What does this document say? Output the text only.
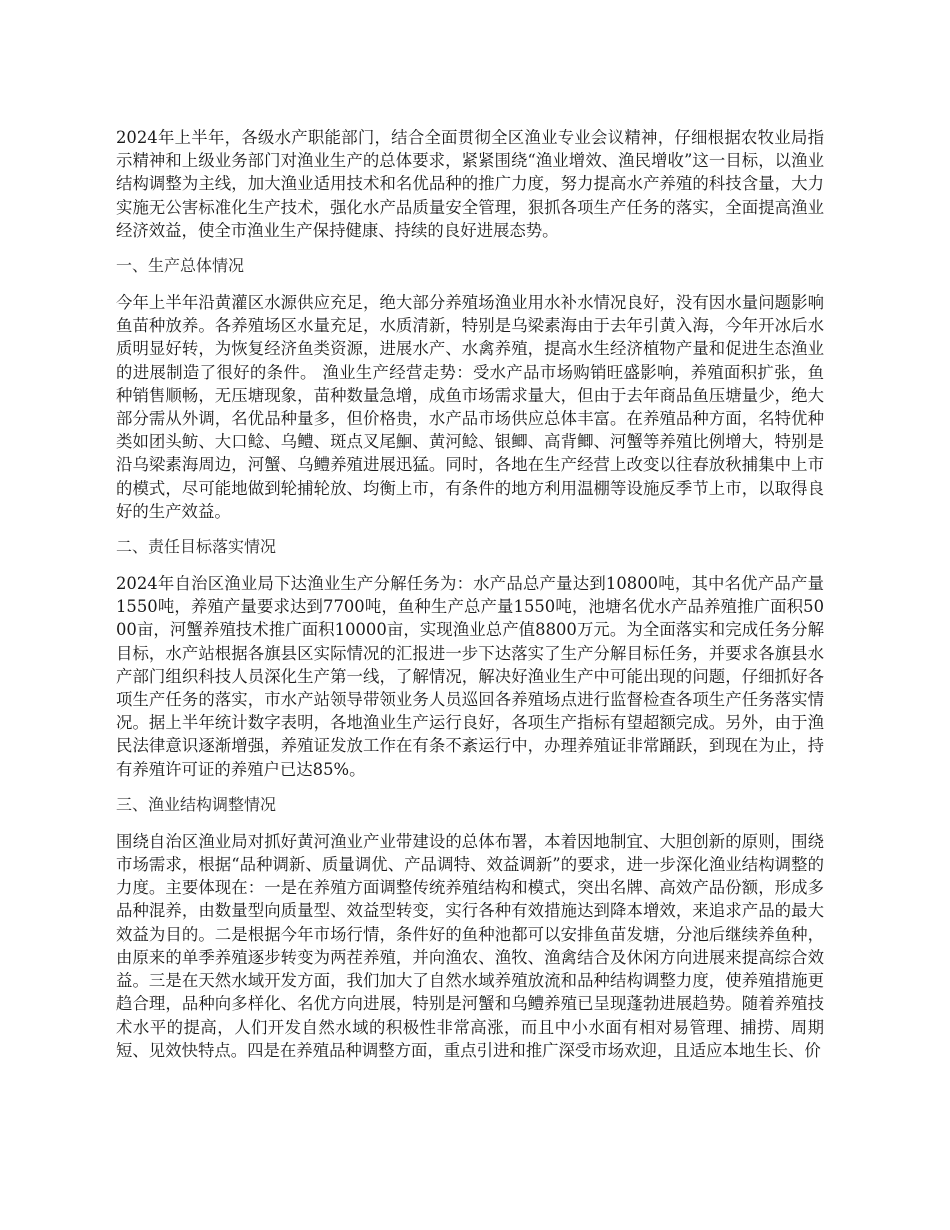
2024年上半年，各级水产职能部门，结合全面贯彻全区渔业专业会议精神，仔细根据农牧业局指示精神和上级业务部门对渔业生产的总体要求，紧紧围绕“渔业增效、渔民增收”这一目标，以渔业结构调整为主线，加大渔业适用技术和名优品种的推广力度，努力提高水产养殖的科技含量，大力实施无公害标准化生产技术，强化水产品质量安全管理，狠抓各项生产任务的落实，全面提高渔业经济效益，使全市渔业生产保持健康、持续的良好进展态势。

一、生产总体情况

今年上半年沿黄灌区水源供应充足，绝大部分养殖场渔业用水补水情况良好，没有因水量问题影响鱼苗种放养。各养殖场区水量充足，水质清新，特别是乌梁素海由于去年引黄入海，今年开冰后水质明显好转，为恢复经济鱼类资源，进展水产、水禽养殖，提高水生经济植物产量和促进生态渔业的进展制造了很好的条件。 渔业生产经营走势：受水产品市场购销旺盛影响，养殖面积扩张，鱼种销售顺畅，无压塘现象，苗种数量急增，成鱼市场需求量大，但由于去年商品鱼压塘量少，绝大部分需从外调，名优品种量多，但价格贵，水产品市场供应总体丰富。在养殖品种方面，名特优种类如团头鲂、大口鲶、乌鳢、斑点叉尾鮰、黄河鲶、银鲫、高背鲫、河蟹等养殖比例增大，特别是沿乌梁素海周边，河蟹、乌鳢养殖进展迅猛。同时，各地在生产经营上改变以往春放秋捕集中上市的模式，尽可能地做到轮捕轮放、均衡上市，有条件的地方利用温棚等设施反季节上市，以取得良好的生产效益。

二、责任目标落实情况

2024年自治区渔业局下达渔业生产分解任务为：水产品总产量达到10800吨，其中名优产品产量1550吨，养殖产量要求达到7700吨，鱼种生产总产量1550吨，池塘名优水产品养殖推广面积5000亩，河蟹养殖技术推广面积10000亩，实现渔业总产值8800万元。为全面落实和完成任务分解目标，水产站根据各旗县区实际情况的汇报进一步下达落实了生产分解目标任务，并要求各旗县水产部门组织科技人员深化生产第一线，了解情况，解决好渔业生产中可能出现的问题，仔细抓好各项生产任务的落实，市水产站领导带领业务人员巡回各养殖场点进行监督检查各项生产任务落实情况。据上半年统计数字表明，各地渔业生产运行良好，各项生产指标有望超额完成。另外，由于渔民法律意识逐渐增强，养殖证发放工作在有条不紊运行中，办理养殖证非常踊跃，到现在为止，持有养殖许可证的养殖户已达85%。

三、渔业结构调整情况

围绕自治区渔业局对抓好黄河渔业产业带建设的总体布署，本着因地制宜、大胆创新的原则，围绕市场需求，根据“品种调新、质量调优、产品调特、效益调新”的要求，进一步深化渔业结构调整的力度。主要体现在：一是在养殖方面调整传统养殖结构和模式，突出名牌、高效产品份额，形成多品种混养，由数量型向质量型、效益型转变，实行各种有效措施达到降本增效，来追求产品的最大效益为目的。二是根据今年市场行情，条件好的鱼种池都可以安排鱼苗发塘，分池后继续养鱼种，由原来的单季养殖逐步转变为两茬养殖，并向渔农、渔牧、渔禽结合及休闲方向进展来提高综合效益。三是在天然水域开发方面，我们加大了自然水域养殖放流和品种结构调整力度，使养殖措施更趋合理，品种向多样化、名优方向进展，特别是河蟹和乌鳢养殖已呈现蓬勃进展趋势。随着养殖技术水平的提高，人们开发自然水域的积极性非常高涨，而且中小水面有相对易管理、捕捞、周期短、见效快特点。四是在养殖品种调整方面，重点引进和推广深受市场欢迎，且适应本地生长、价
